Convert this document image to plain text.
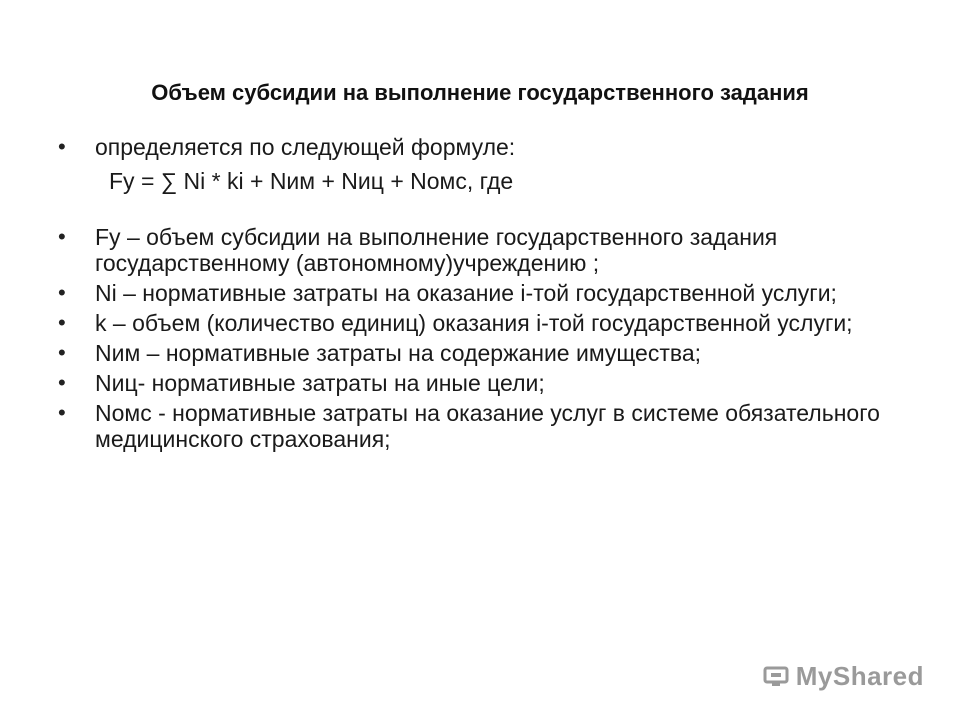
Объем субсидии на выполнение государственного задания
• определяется по следующей формуле:
Fу = ∑ Ni * ki + Nим + Nиц + Nомс, где
• Fу – объем субсидии на выполнение государственного задания государственному (автономному)учреждению ;
• Ni – нормативные затраты на оказание i-той государственной услуги;
• k – объем (количество единиц) оказания i-той государственной услуги;
• Nим – нормативные затраты на содержание имущества;
• Nиц- нормативные затраты на иные цели;
• Nомс - нормативные затраты на оказание услуг в системе обязательного медицинского страхования;
MyShared
